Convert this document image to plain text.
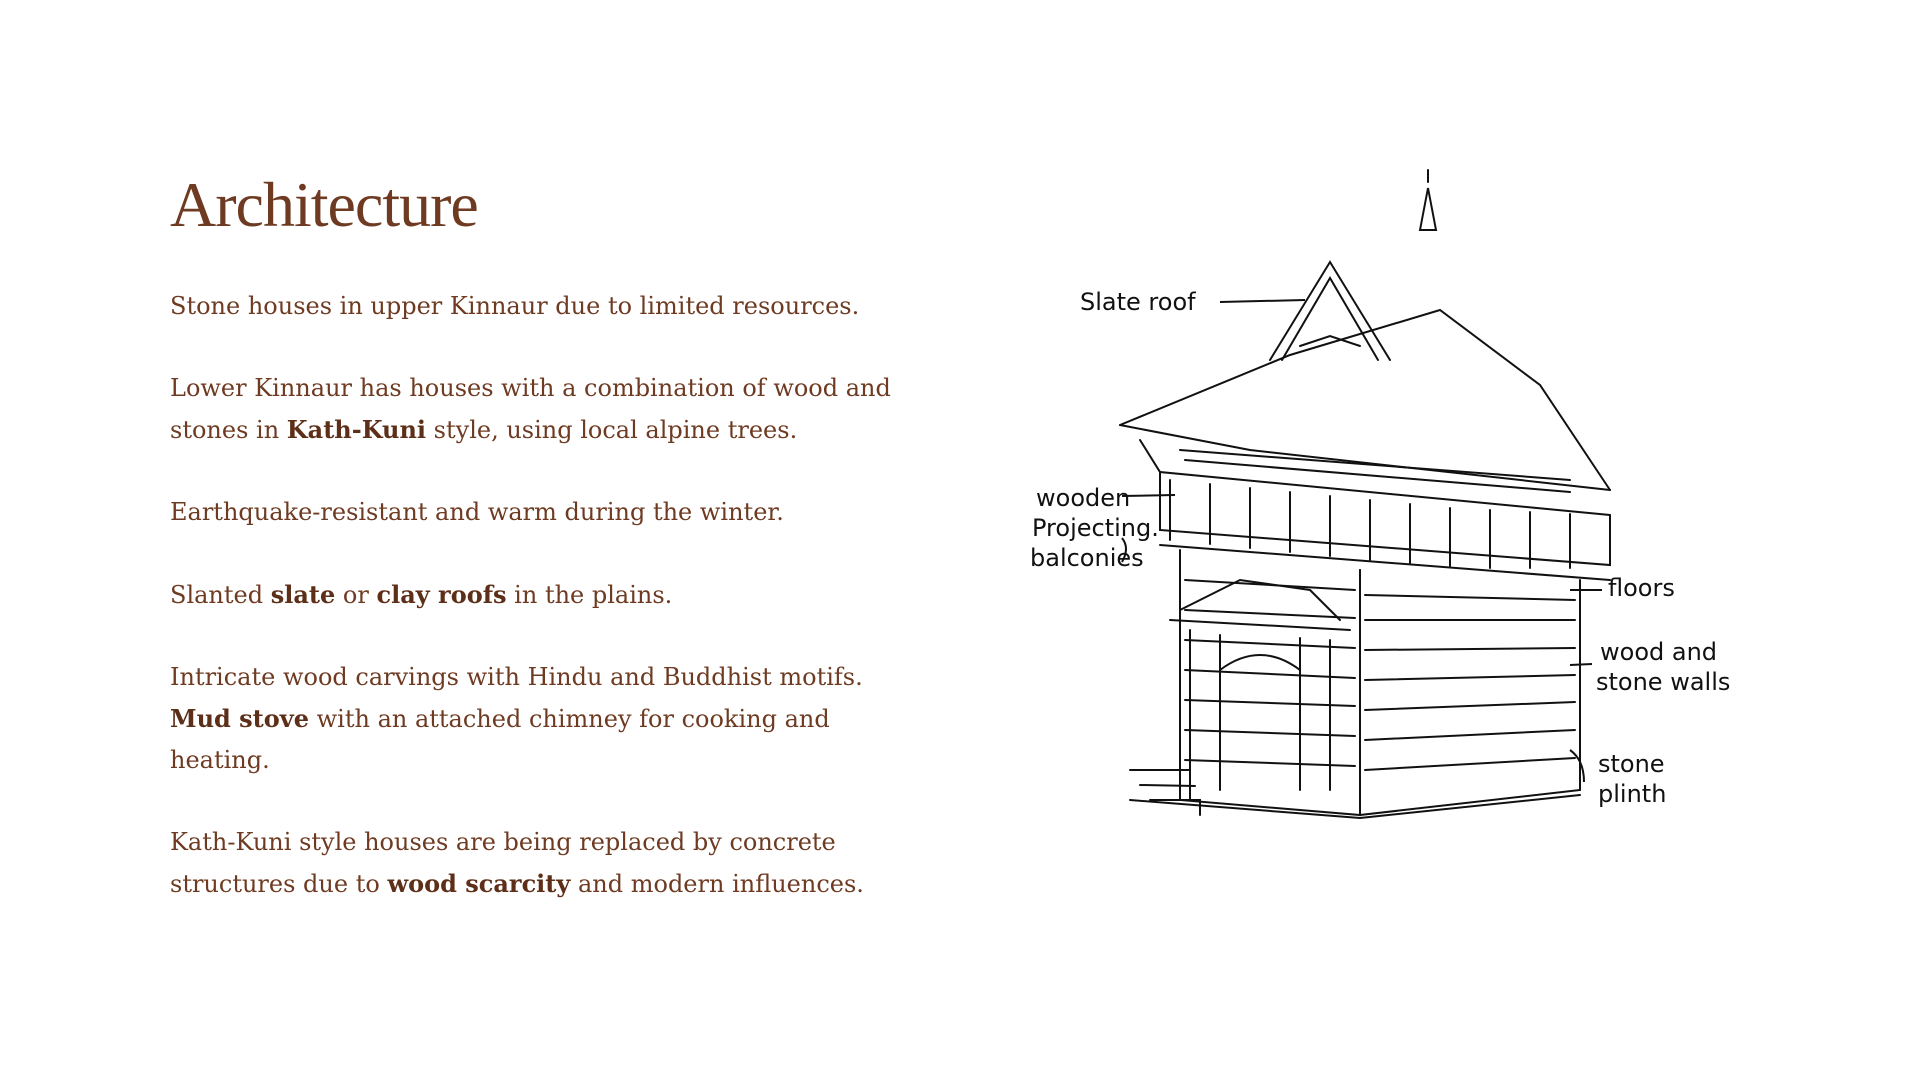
Architecture

Stone houses in upper Kinnaur due to limited resources.

Lower Kinnaur has houses with a combination of wood and stones in Kath-Kuni style, using local alpine trees.

Earthquake-resistant and warm during the winter.

Slanted slate or clay roofs in the plains.

Intricate wood carvings with Hindu and Buddhist motifs.
Mud stove with an attached chimney for cooking and heating.

Kath-Kuni style houses are being replaced by concrete structures due to wood scarcity and modern influences.

Slate roof
wooden
Projecting.
balconies
floors
wood and
stone walls
stone
plinth
